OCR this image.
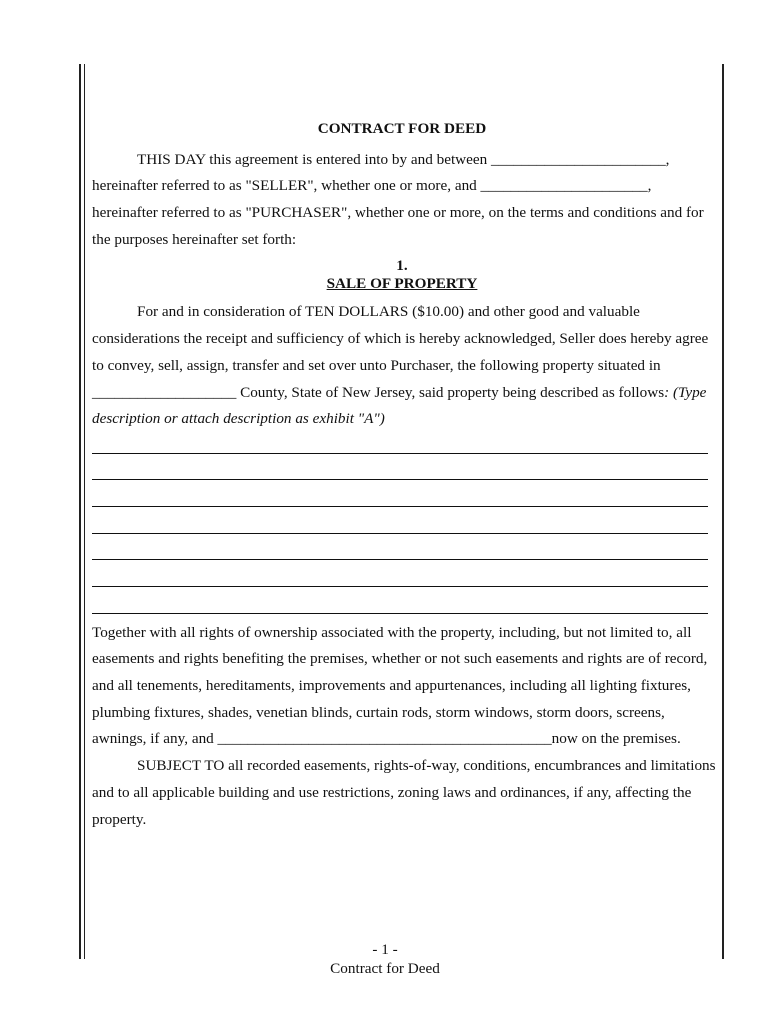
CONTRACT FOR DEED
THIS DAY this agreement is entered into by and between _______________________,
hereinafter referred to as "SELLER", whether one or more, and ______________________,
hereinafter referred to as "PURCHASER", whether one or more, on the terms and conditions and for
the purposes hereinafter set forth:
1.
SALE OF PROPERTY
For and in consideration of TEN DOLLARS ($10.00) and other good and valuable
considerations the receipt and sufficiency of which is hereby acknowledged, Seller does hereby agree
to convey, sell, assign, transfer and set over unto Purchaser, the following property situated in
___________________ County, State of New Jersey, said property being described as follows: (Type
description or attach description as exhibit "A")
Together with all rights of ownership associated with the property, including, but not limited to, all
easements and rights benefiting the premises, whether or not such easements and rights are of record,
and all tenements, hereditaments, improvements and appurtenances, including all lighting fixtures,
plumbing fixtures, shades, venetian blinds, curtain rods, storm windows, storm doors, screens,
awnings, if any, and ____________________________________________now on the premises.
SUBJECT TO all recorded easements, rights-of-way, conditions, encumbrances and limitations
and to all applicable building and use restrictions, zoning laws and ordinances, if any, affecting the
property.
- 1 -
Contract for Deed
